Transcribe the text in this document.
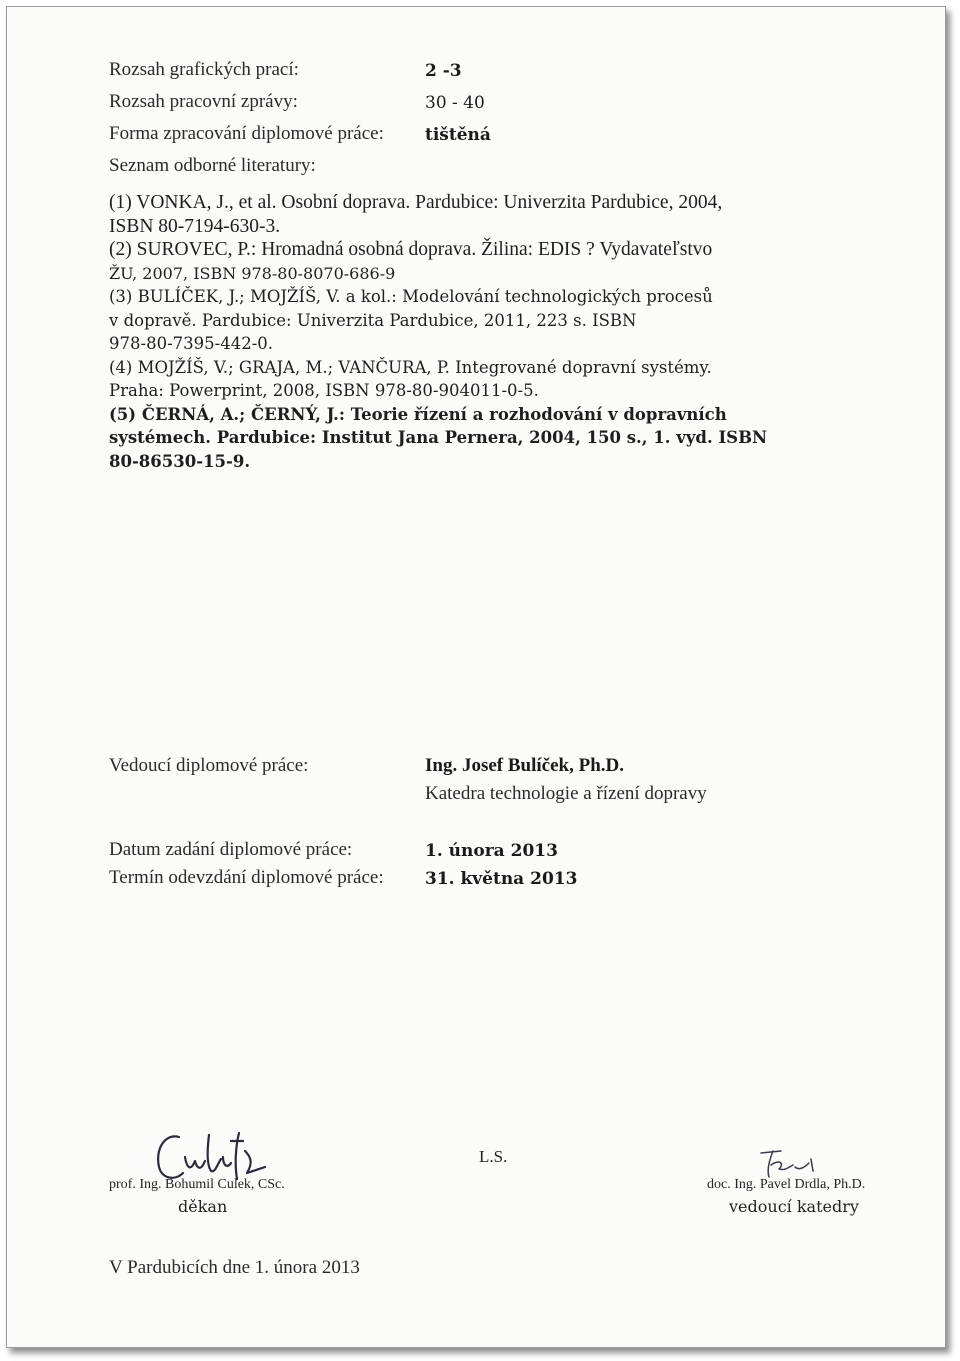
Rozsah grafických prací:	2 -3
Rozsah pracovní zprávy:	30 - 40
Forma zpracování diplomové práce: tištěná
Seznam odborné literatury:
(1) VONKA, J., et al. Osobní doprava. Pardubice: Univerzita Pardubice, 2004,
ISBN 80-7194-630-3.
(2) SUROVEC, P.: Hromadná osobná doprava. Žilina: EDIS ? Vydavateľstvo
ŽU, 2007, ISBN 978-80-8070-686-9
(3) BULÍČEK, J.; MOJŽÍŠ, V. a kol.: Modelování technologických procesů
v dopravě. Pardubice: Univerzita Pardubice, 2011, 223 s. ISBN
978-80-7395-442-0.
(4) MOJŽÍŠ, V.; GRAJA, M.; VANČURA, P. Integrované dopravní systémy.
Praha: Powerprint, 2008, ISBN 978-80-904011-0-5.
(5) ČERNÁ, A.; ČERNÝ, J.: Teorie řízení a rozhodování v dopravních
systémech. Pardubice: Institut Jana Pernera, 2004, 150 s., 1. vyd. ISBN
80-86530-15-9.
Vedoucí diplomové práce:	Ing. Josef Bulíček, Ph.D.
Katedra technologie a řízení dopravy
Datum zadání diplomové práce:	1. února 2013
Termín odevzdání diplomové práce: 31. května 2013
L.S.
prof. Ing. Bohumil Culek, CSc.
děkan
doc. Ing. Pavel Drdla, Ph.D.
vedoucí katedry
V Pardubicích dne 1. února 2013
